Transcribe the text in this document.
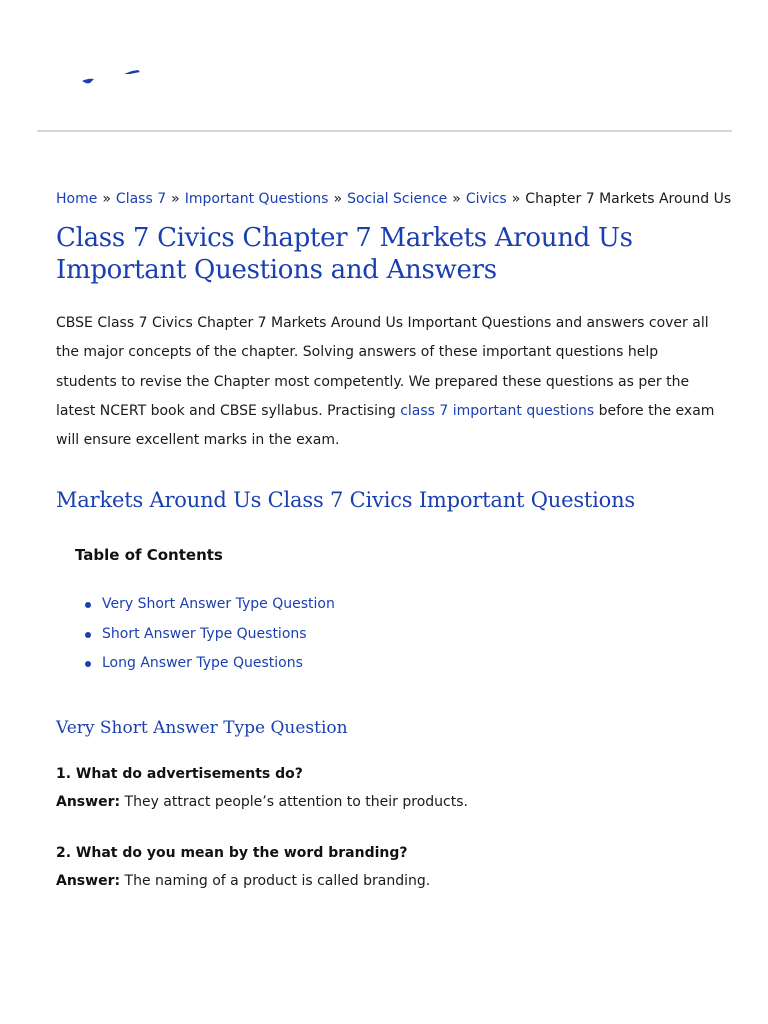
Home » Class 7 » Important Questions » Social Science » Civics » Chapter 7 Markets Around Us
Class 7 Civics Chapter 7 Markets Around Us Important Questions and Answers

CBSE Class 7 Civics Chapter 7 Markets Around Us Important Questions and answers cover all the major concepts of the chapter. Solving answers of these important questions help students to revise the Chapter most competently. We prepared these questions as per the latest NCERT book and CBSE syllabus. Practising class 7 important questions before the exam will ensure excellent marks in the exam.

Markets Around Us Class 7 Civics Important Questions
Table of Contents
Very Short Answer Type Question
Short Answer Type Questions
Long Answer Type Questions
Very Short Answer Type Question
1. What do advertisements do?
Answer: They attract people’s attention to their products.
2. What do you mean by the word branding?
Answer: The naming of a product is called branding.
